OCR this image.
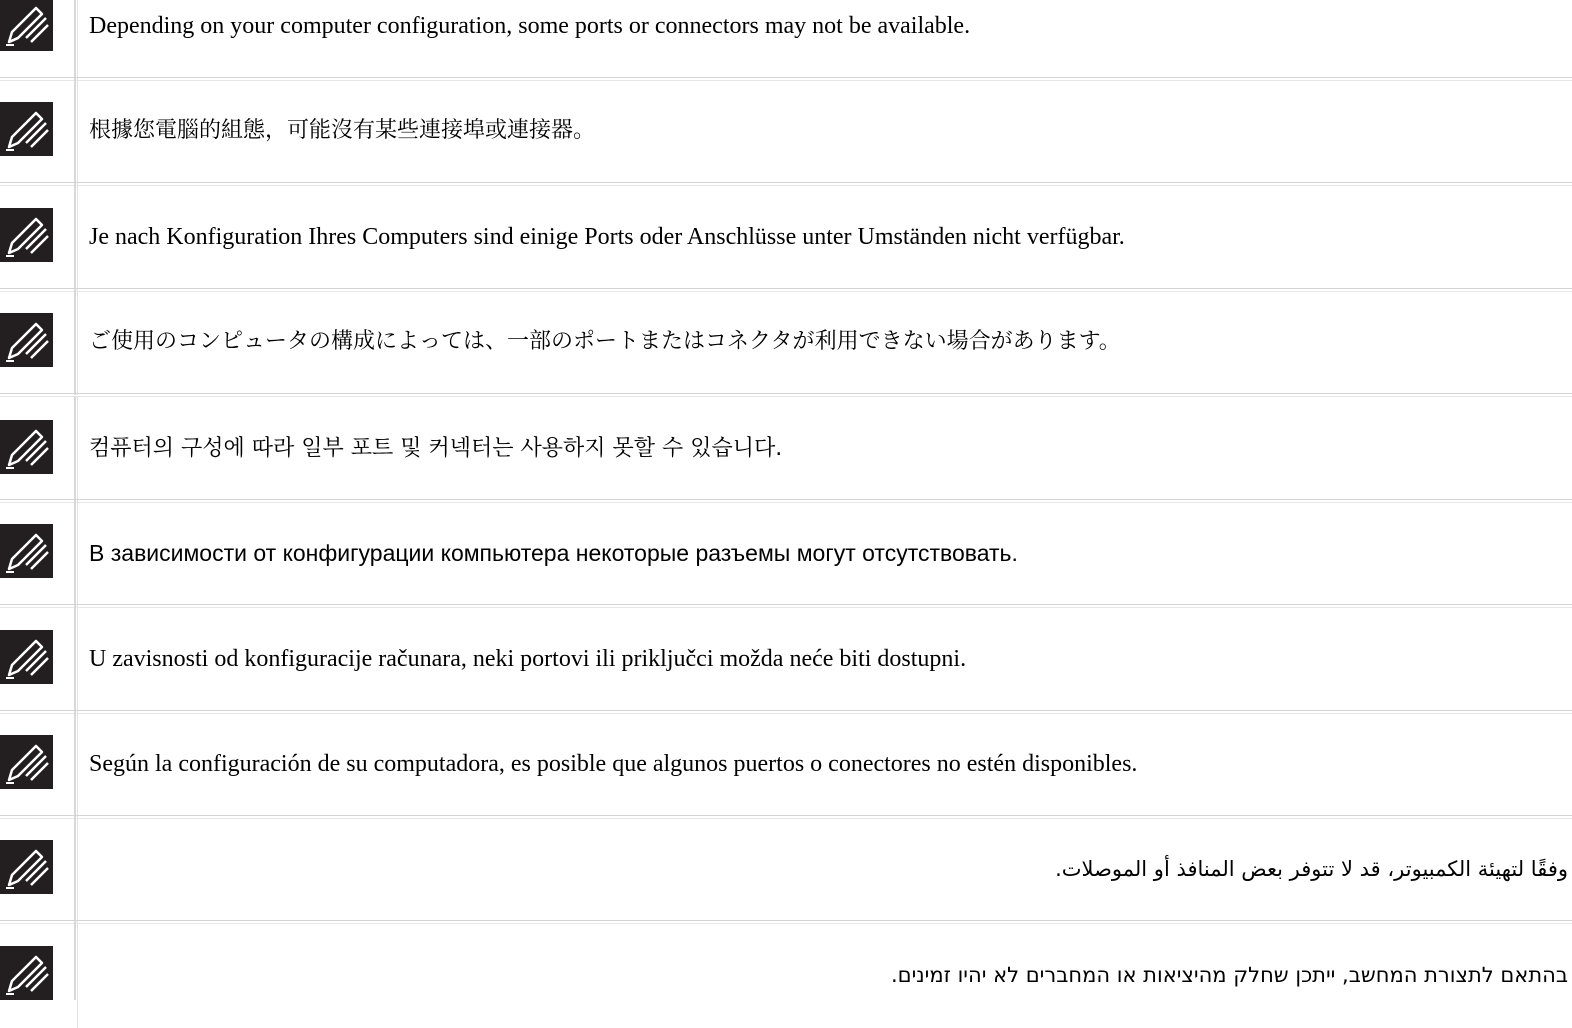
Depending on your computer configuration, some ports or connectors may not be available.
根據您電腦的組態，可能沒有某些連接埠或連接器。
Je nach Konfiguration Ihres Computers sind einige Ports oder Anschlüsse unter Umständen nicht verfügbar.
ご使用のコンピュータの構成によっては、一部のポートまたはコネクタが利用できない場合があります。
컴퓨터의 구성에 따라 일부 포트 및 커넥터는 사용하지 못할 수 있습니다.
В зависимости от конфигурации компьютера некоторые разъемы могут отсутствовать.
U zavisnosti od konfiguracije računara, neki portovi ili priključci možda neće biti dostupni.
Según la configuración de su computadora, es posible que algunos puertos o conectores no estén disponibles.
وفقًا لتهيئة الكمبيوتر، قد لا تتوفر بعض المنافذ أو الموصلات.
בהתאם לתצורת המחשב, ייתכן שחלק מהיציאות או המחברים לא יהיו זמינים.
